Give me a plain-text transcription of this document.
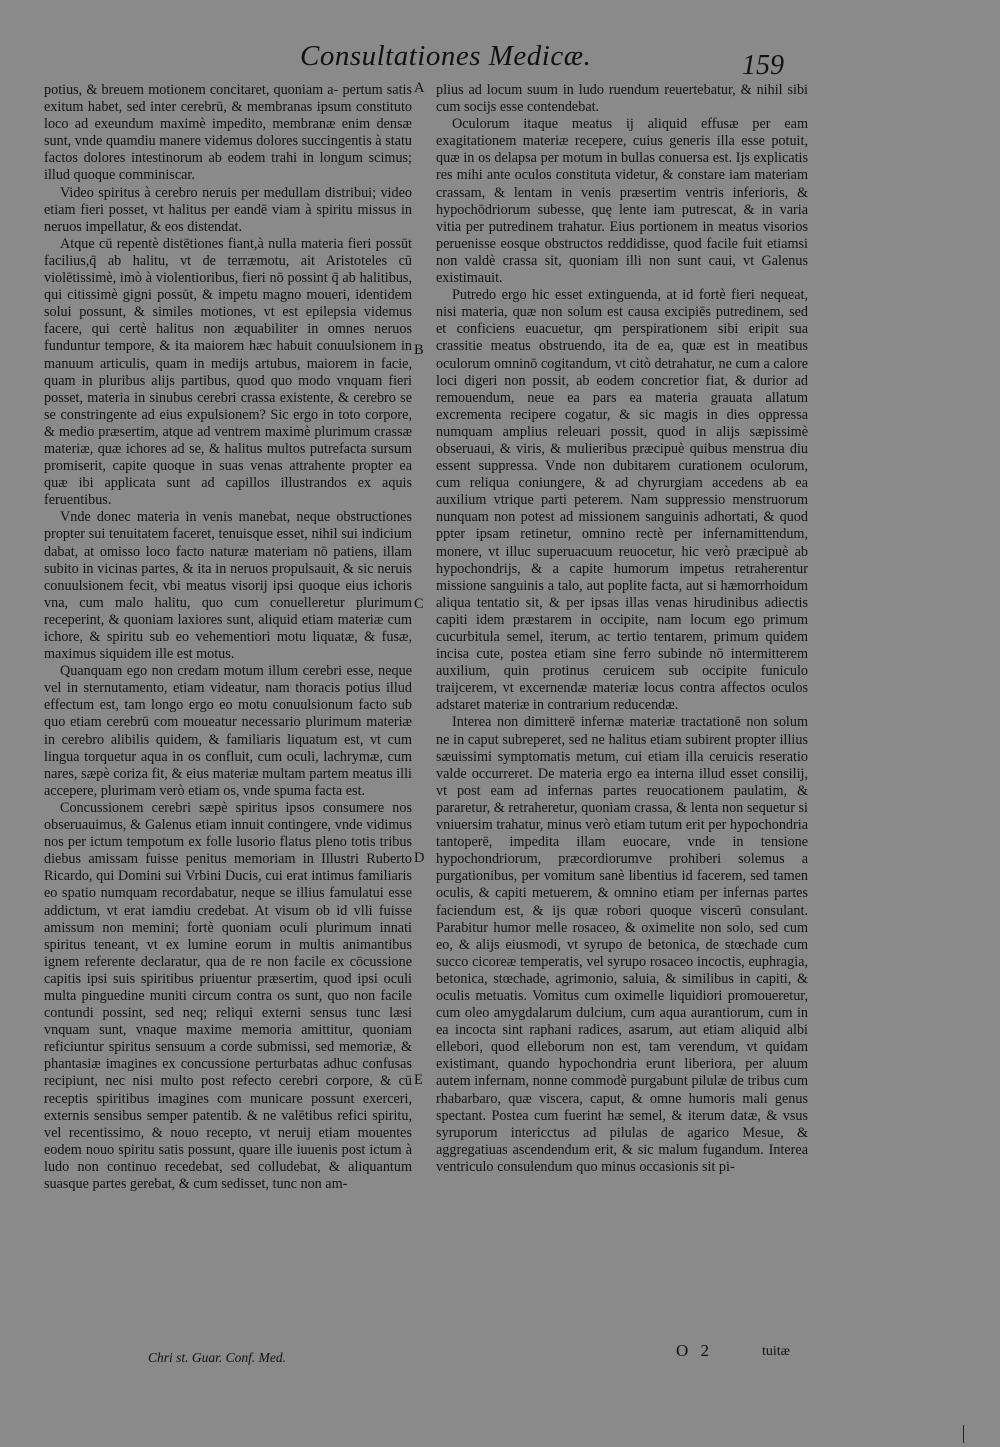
Consultationes Medicæ.	159

potius, & breuem motionem concitaret, quoniam a- pertum satis exitum habet, sed inter cerebrū, & membranas ipsum constituto loco ad exeundum maximè impedito, membranæ enim densæ sunt, vnde quamdiu manere videmus dolores succingentis à statu factos dolores intestinorum ab eodem trahi in longum scimus; illud quoque comminiscar.

Video spiritus à cerebro neruis per medullam distribui; video etiam fieri posset, vt halitus per eandē viam à spiritu missus in neruos impellatur, & eos distendat.

Atque cū repentè distētiones fiant,à nulla materia fieri possūt facilius,q̄ ab halitu, vt de terræmotu, ait Aristoteles cū violētissimè, imò à violentioribus, fieri nō possint q̄ ab halitibus, qui citissimè gigni possūt, & impetu magno moueri, identidem solui possunt, & similes motiones, vt est epilepsia videmus facere, qui certè halitus non æquabiliter in omnes neruos funduntur tempore, & ita maiorem hæc habuit conuulsionem in manuum articulis, quam in medijs artubus, maiorem in facie, quam in pluribus alijs partibus, quod quo modo vnquam fieri posset, materia in sinubus cerebri crassa existente, & cerebro se se constringente ad eius expulsionem? Sic ergo in toto corpore, & medio præsertim, atque ad ventrem maximè plurimum crassæ materiæ, quæ ichores ad se, & halitus multos putrefacta sursum promiserit, capite quoque in suas venas attrahente propter ea quæ ibi applicata sunt ad capillos illustrandos ex aquis feruentibus.

Vnde donec materia in venis manebat, neque obstructiones propter sui tenuitatem faceret, tenuisque esset, nihil sui indicium dabat, at omisso loco facto naturæ materiam nō patiens, illam subito in vicinas partes, & ita in neruos propulsauit, & sic neruis conuulsionem fecit, vbi meatus visorij ipsi quoque eius ichoris vna, cum malo halitu, quo cum conuelleretur plurimum receperint, & quoniam laxiores sunt, aliquid etiam materiæ cum ichore, & spiritu sub eo vehementiori motu liquatæ, & fusæ, maximus siquidem ille est motus.

Quanquam ego non credam motum illum cerebri esse, neque vel in sternutamento, etiam videatur, nam thoracis potius illud effectum est, tam longo ergo eo motu conuulsionum facto sub quo etiam cerebrū com moueatur necessario plurimum materiæ in cerebro alibilis quidem, & familiaris liquatum est, vt cum lingua torquetur aqua in os confluit, cum oculi, lachrymæ, cum nares, sæpè coriza fit, & eius materiæ multam partem meatus illi accepere, plurimam verò etiam os, vnde spuma facta est.

Concussionem cerebri sæpè spiritus ipsos consumere nos obseruauimus, & Galenus etiam innuit contingere, vnde vidimus nos per ictum tempotum ex folle lusorio flatus pleno totis tribus diebus amissam fuisse penitus memoriam in Illustri Ruberto Ricardo, qui Domini sui Vrbini Ducis, cui erat intimus familiaris eo spatio numquam recordabatur, neque se illius famulatui esse addictum, vt erat iamdiu credebat. At visum ob id vlli fuisse amissum non memini; fortè quoniam oculi plurimum innati spiritus teneant, vt ex lumine eorum in multis animantibus ignem referente declaratur, qua de re non facile ex cōcussione capitis ipsi suis spiritibus priuentur præsertim, quod ipsi oculi multa pinguedine muniti circum contra os sunt, quo non facile contundi possint, sed neq; reliqui externi sensus tunc læsi vnquam sunt, vnaque maxime memoria amittitur, quoniam reficiuntur spiritus sensuum a corde submissi, sed memoriæ, & phantasiæ imagines ex concussione perturbatas adhuc confusas recipiunt, nec nisi multo post refecto cerebri corpore, & cū receptis spiritibus imagines com municare possunt exerceri, externis sensibus semper patentib. & ne valētibus refici spiritu, vel recentissimo, & nouo recepto, vt neruij etiam mouentes eodem nouo spiritu satis possunt, quare ille iuuenis post ictum à ludo non continuo recedebat, sed colludebat, & aliquantum suasque partes gerebat, & cum sedisset, tunc non am-

A
B
C
D
E

plius ad locum suum in ludo ruendum reuertebatur, & nihil sibi cum socijs esse contendebat.

Oculorum itaque meatus ij aliquid effusæ per eam exagitationem materiæ recepere, cuius generis illa esse potuit, quæ in os delapsa per motum in bullas conuersa est. Ijs explicatis res mihi ante oculos constituta videtur, & constare iam materiam crassam, & lentam in venis præsertim ventris inferioris, & hypochōdriorum subesse, quę lente iam putrescat, & in varia vitia per putredinem trahatur. Eius portionem in meatus visorios peruenisse eosque obstructos reddidisse, quod facile fuit etiamsi non valdè crassa sit, quoniam illi non sunt caui, vt Galenus existimauit.

Putredo ergo hic esset extinguenda, at id fortè fieri nequeat, nisi materia, quæ non solum est causa excipiēs putredinem, sed et conficiens euacuetur, qm perspirationem sibi eripit sua crassitie meatus obstruendo, ita de ea, quæ est in meatibus oculorum omninō cogitandum, vt citò detrahatur, ne cum a calore loci digeri non possit, ab eodem concretior fiat, & durior ad remouendum, neue ea pars ea materia grauata allatum excrementa recipere cogatur, & sic magis in dies oppressa numquam amplius releuari possit, quod in alijs sæpissimè obseruaui, & viris, & mulieribus præcipuè quibus menstrua diu essent suppressa. Vnde non dubitarem curationem oculorum, cum reliqua coniungere, & ad chyrurgiam accedens ab ea auxilium vtrique parti peterem. Nam suppressio menstruorum nunquam non potest ad missionem sanguinis adhortati, & quod ppter ipsam retinetur, omnino rectè per infernamittendum, monere, vt illuc superuacuum reuocetur, hic verò præcipuè ab hypochondrijs, & a capite humorum impetus retraherentur missione sanguinis a talo, aut poplite facta, aut si hæmorrhoidum aliqua tentatio sit, & per ipsas illas venas hirudinibus adiectis capiti idem præstarem in occipite, nam locum ego primum cucurbitula semel, iterum, ac tertio tentarem, primum quidem incisa cute, postea etiam sine ferro subinde nō intermitterem auxilium, quin protinus ceruicem sub occipite funiculo traijcerem, vt excernendæ materiæ locus contra affectos oculos adstaret materiæ in contrarium reducendæ.

Interea non dimitterē infernæ materiæ tractationē non solum ne in caput subreperet, sed ne halitus etiam subirent propter illius sæuissimi symptomatis metum, cui etiam illa ceruicis reseratio valde occurreret. De materia ergo ea interna illud esset consilij, vt post eam ad infernas partes reuocationem paulatim, & pararetur, & retraheretur, quoniam crassa, & lenta non sequetur si vniuersim trahatur, minus verò etiam tutum erit per hypochondria tantoperē, impedita illam euocare, vnde in tensione hypochondriorum, præcordiorumve prohiberi solemus a purgationibus, per vomitum sanè libentius id facerem, sed tamen oculis, & capiti metuerem, & omnino etiam per infernas partes faciendum est, & ijs quæ robori quoque viscerū consulant. Parabitur humor melle rosaceo, & oximelite non solo, sed cum eo, & alijs eiusmodi, vt syrupo de betonica, de stœchade cum succo cicoreæ temperatis, vel syrupo rosaceo incoctis, euphragia, betonica, stœchade, agrimonio, saluia, & similibus in capiti, & oculis metuatis. Vomitus cum oximelle liquidiori promoueretur, cum oleo amygdalarum dulcium, cum aqua aurantiorum, cum in ea incocta sint raphani radices, asarum, aut etiam aliquid albi ellebori, quod elleborum non est, tam verendum, vt quidam existimant, quando hypochondria erunt liberiora, per aluum autem infernam, nonne commodè purgabunt pilulæ de tribus cum rhabarbaro, quæ viscera, caput, & omne humoris mali genus spectant. Postea cum fuerint hæ semel, & iterum datæ, & vsus syruporum intericctus ad pilulas de agarico Mesue, & aggregatiuas ascendendum erit, & sic malum fugandum. Interea ventriculo consulendum quo minus occasionis sit pi-

Chri st. Guar. Conf. Med.	O 2	tuitæ
